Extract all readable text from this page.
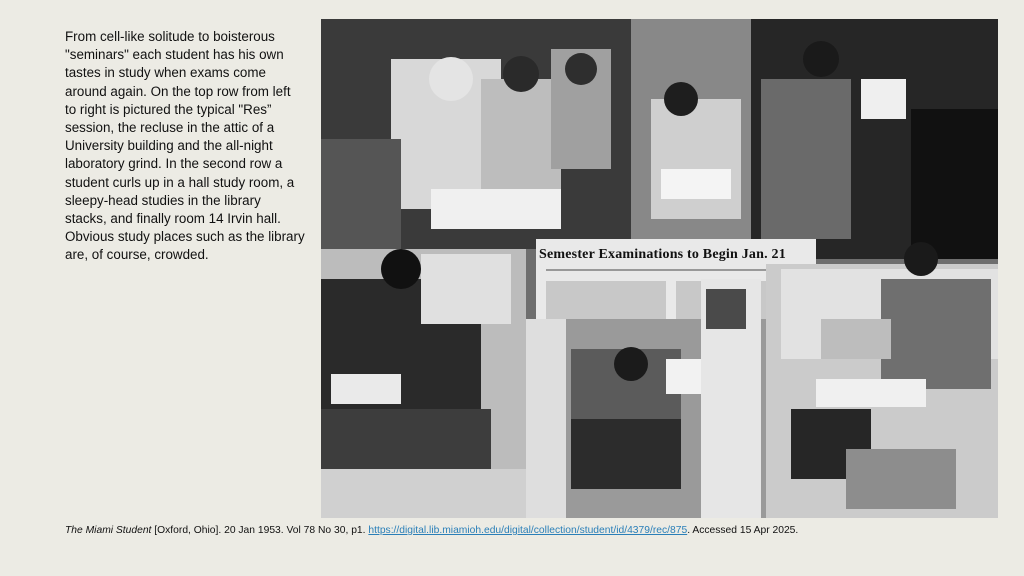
From cell-like solitude to boisterous "seminars" each student has his own tastes in study when exams come around again. On the top row from left to right is pictured the typical "Res” session, the recluse in the attic of a University building and the all-night laboratory grind. In the second row a student curls up in a hall study room, a sleepy-head studies in the library stacks, and finally room 14 Irvin hall. Obvious study places such as the library are, of course, crowded.	Semester Examinations to Begin Jan. 21
The Miami Student [Oxford, Ohio]. 20 Jan 1953. Vol 78 No 30, p1. https://digital.lib.miamioh.edu/digital/collection/student/id/4379/rec/875. Accessed 15 Apr 2025.
